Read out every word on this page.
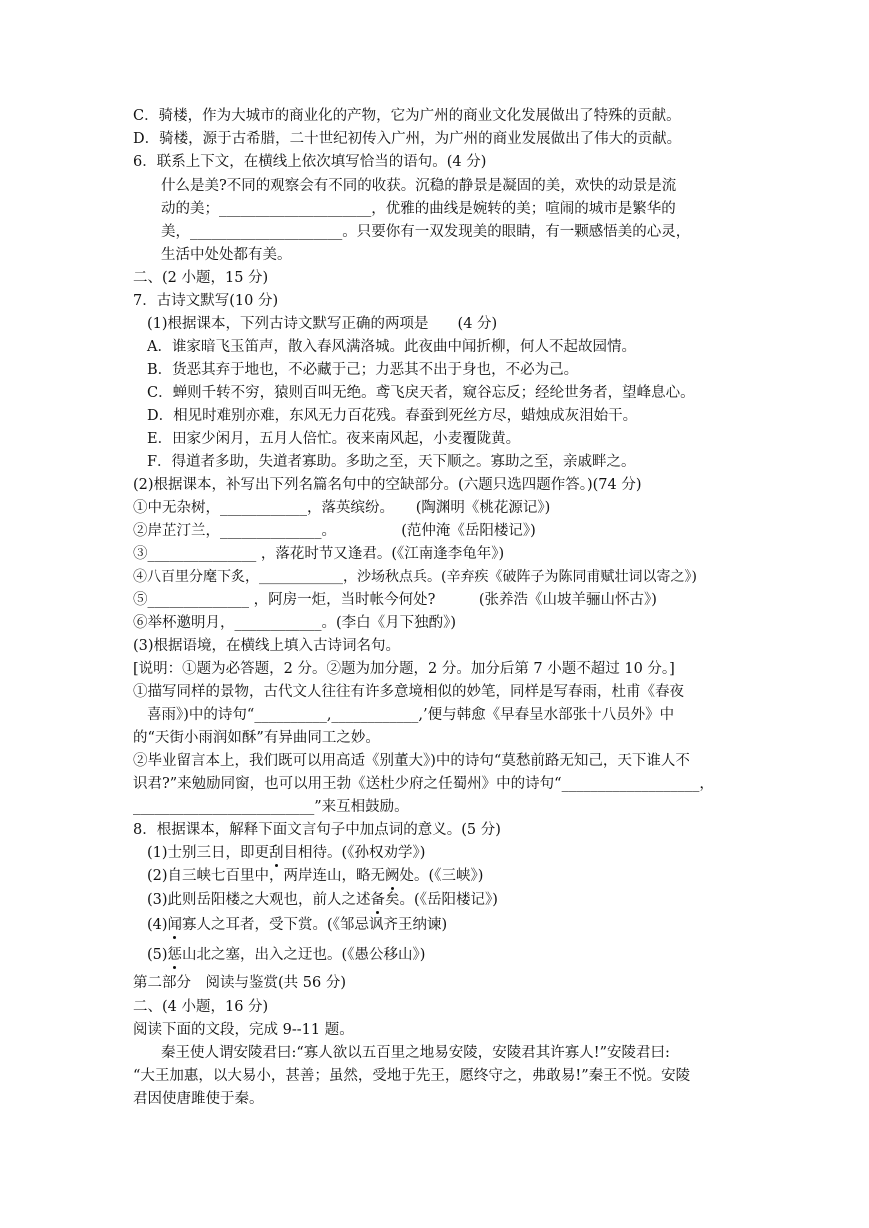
C．骑楼，作为大城市的商业化的产物，它为广州的商业文化发展做出了特殊的贡献。
D．骑楼，源于古希腊，二十世纪初传入广州，为广州的商业发展做出了伟大的贡献。
6．联系上下文，在横线上依次填写恰当的语句。(4 分)
什么是美?不同的观察会有不同的收获。沉稳的静景是凝固的美，欢快的动景是流
动的美；_____________________，优雅的曲线是婉转的美；喧闹的城市是繁华的
美，_____________________。只要你有一双发现美的眼睛，有一颗感悟美的心灵，
生活中处处都有美。
二、(2 小题，15 分)
7．古诗文默写(10 分)
(1)根据课本，下列古诗文默写正确的两项是　　(4 分)
A．谁家暗飞玉笛声，散入春风满洛城。此夜曲中闻折柳，何人不起故园情。
B．货恶其弃于地也，不必藏于己；力恶其不出于身也，不必为己。
C．蝉则千转不穷，猿则百叫无绝。鸢飞戾天者，窥谷忘反；经纶世务者，望峰息心。
D．相见时难别亦难，东风无力百花残。春蚕到死丝方尽，蜡烛成灰泪始干。
E．田家少闲月，五月人倍忙。夜来南风起，小麦覆陇黄。
F．得道者多助，失道者寡助。多助之至，天下顺之。寡助之至，亲戚畔之。
(2)根据课本，补写出下列名篇名句中的空缺部分。(六题只选四题作答。)(74 分)
①中无杂树，____________，落英缤纷。　　(陶渊明《桃花源记》)
②岸芷汀兰，______________。　　　　　(范仲淹《岳阳楼记》)
③_______________ ，落花时节又逢君。(《江南逢李龟年》)
④八百里分麾下炙，____________，沙场秋点兵。(辛弃疾《破阵子为陈同甫赋壮词以寄之》)
⑤______________ ，阿房一炬，当时帐今何处?　　　(张养浩《山坡羊骊山怀古》)
⑥举杯邀明月，____________。(李白《月下独酌》)
(3)根据语境，在横线上填入古诗词名句。
[说明：①题为必答题，2 分。②题为加分题，2 分。加分后第 7 小题不超过 10 分。]
①描写同样的景物，古代文人往往有许多意境相似的妙笔，同样是写春雨，杜甫《春夜
喜雨》)中的诗句“__________,____________,’便与韩愈《早春呈水部张十八员外》中
的“天街小雨润如酥”有异曲同工之妙。
②毕业留言本上，我们既可以用高适《别董大》)中的诗句“莫愁前路无知己，天下谁人不
识君?”来勉励同窗，也可以用王勃《送杜少府之任蜀州》中的诗句“___________________，
_________________________”来互相鼓励。
8．根据课本，解释下面文言句子中加点词的意义。(5 分)
(1)士别三日，即更刮目相待。(《孙权劝学》)
(2)自三峡七百里中，两岸连山，略无阙处。(《三峡》)
(3)此则岳阳楼之大观也，前人之述备矣。(《岳阳楼记》)
(4)闻寡人之耳者，受下赏。(《邹忌讽齐王纳谏)
(5)惩山北之塞，出入之迂也。(《愚公移山》)
第二部分　阅读与鉴赏(共 56 分)
二、(4 小题，16 分)
阅读下面的文段，完成 9--11 题。
秦王使人谓安陵君曰:“寡人欲以五百里之地易安陵，安陵君其许寡人!”安陵君曰:
“大王加惠，以大易小，甚善；虽然，受地于先王，愿终守之，弗敢易!”秦王不悦。安陵
君因使唐雎使于秦。
